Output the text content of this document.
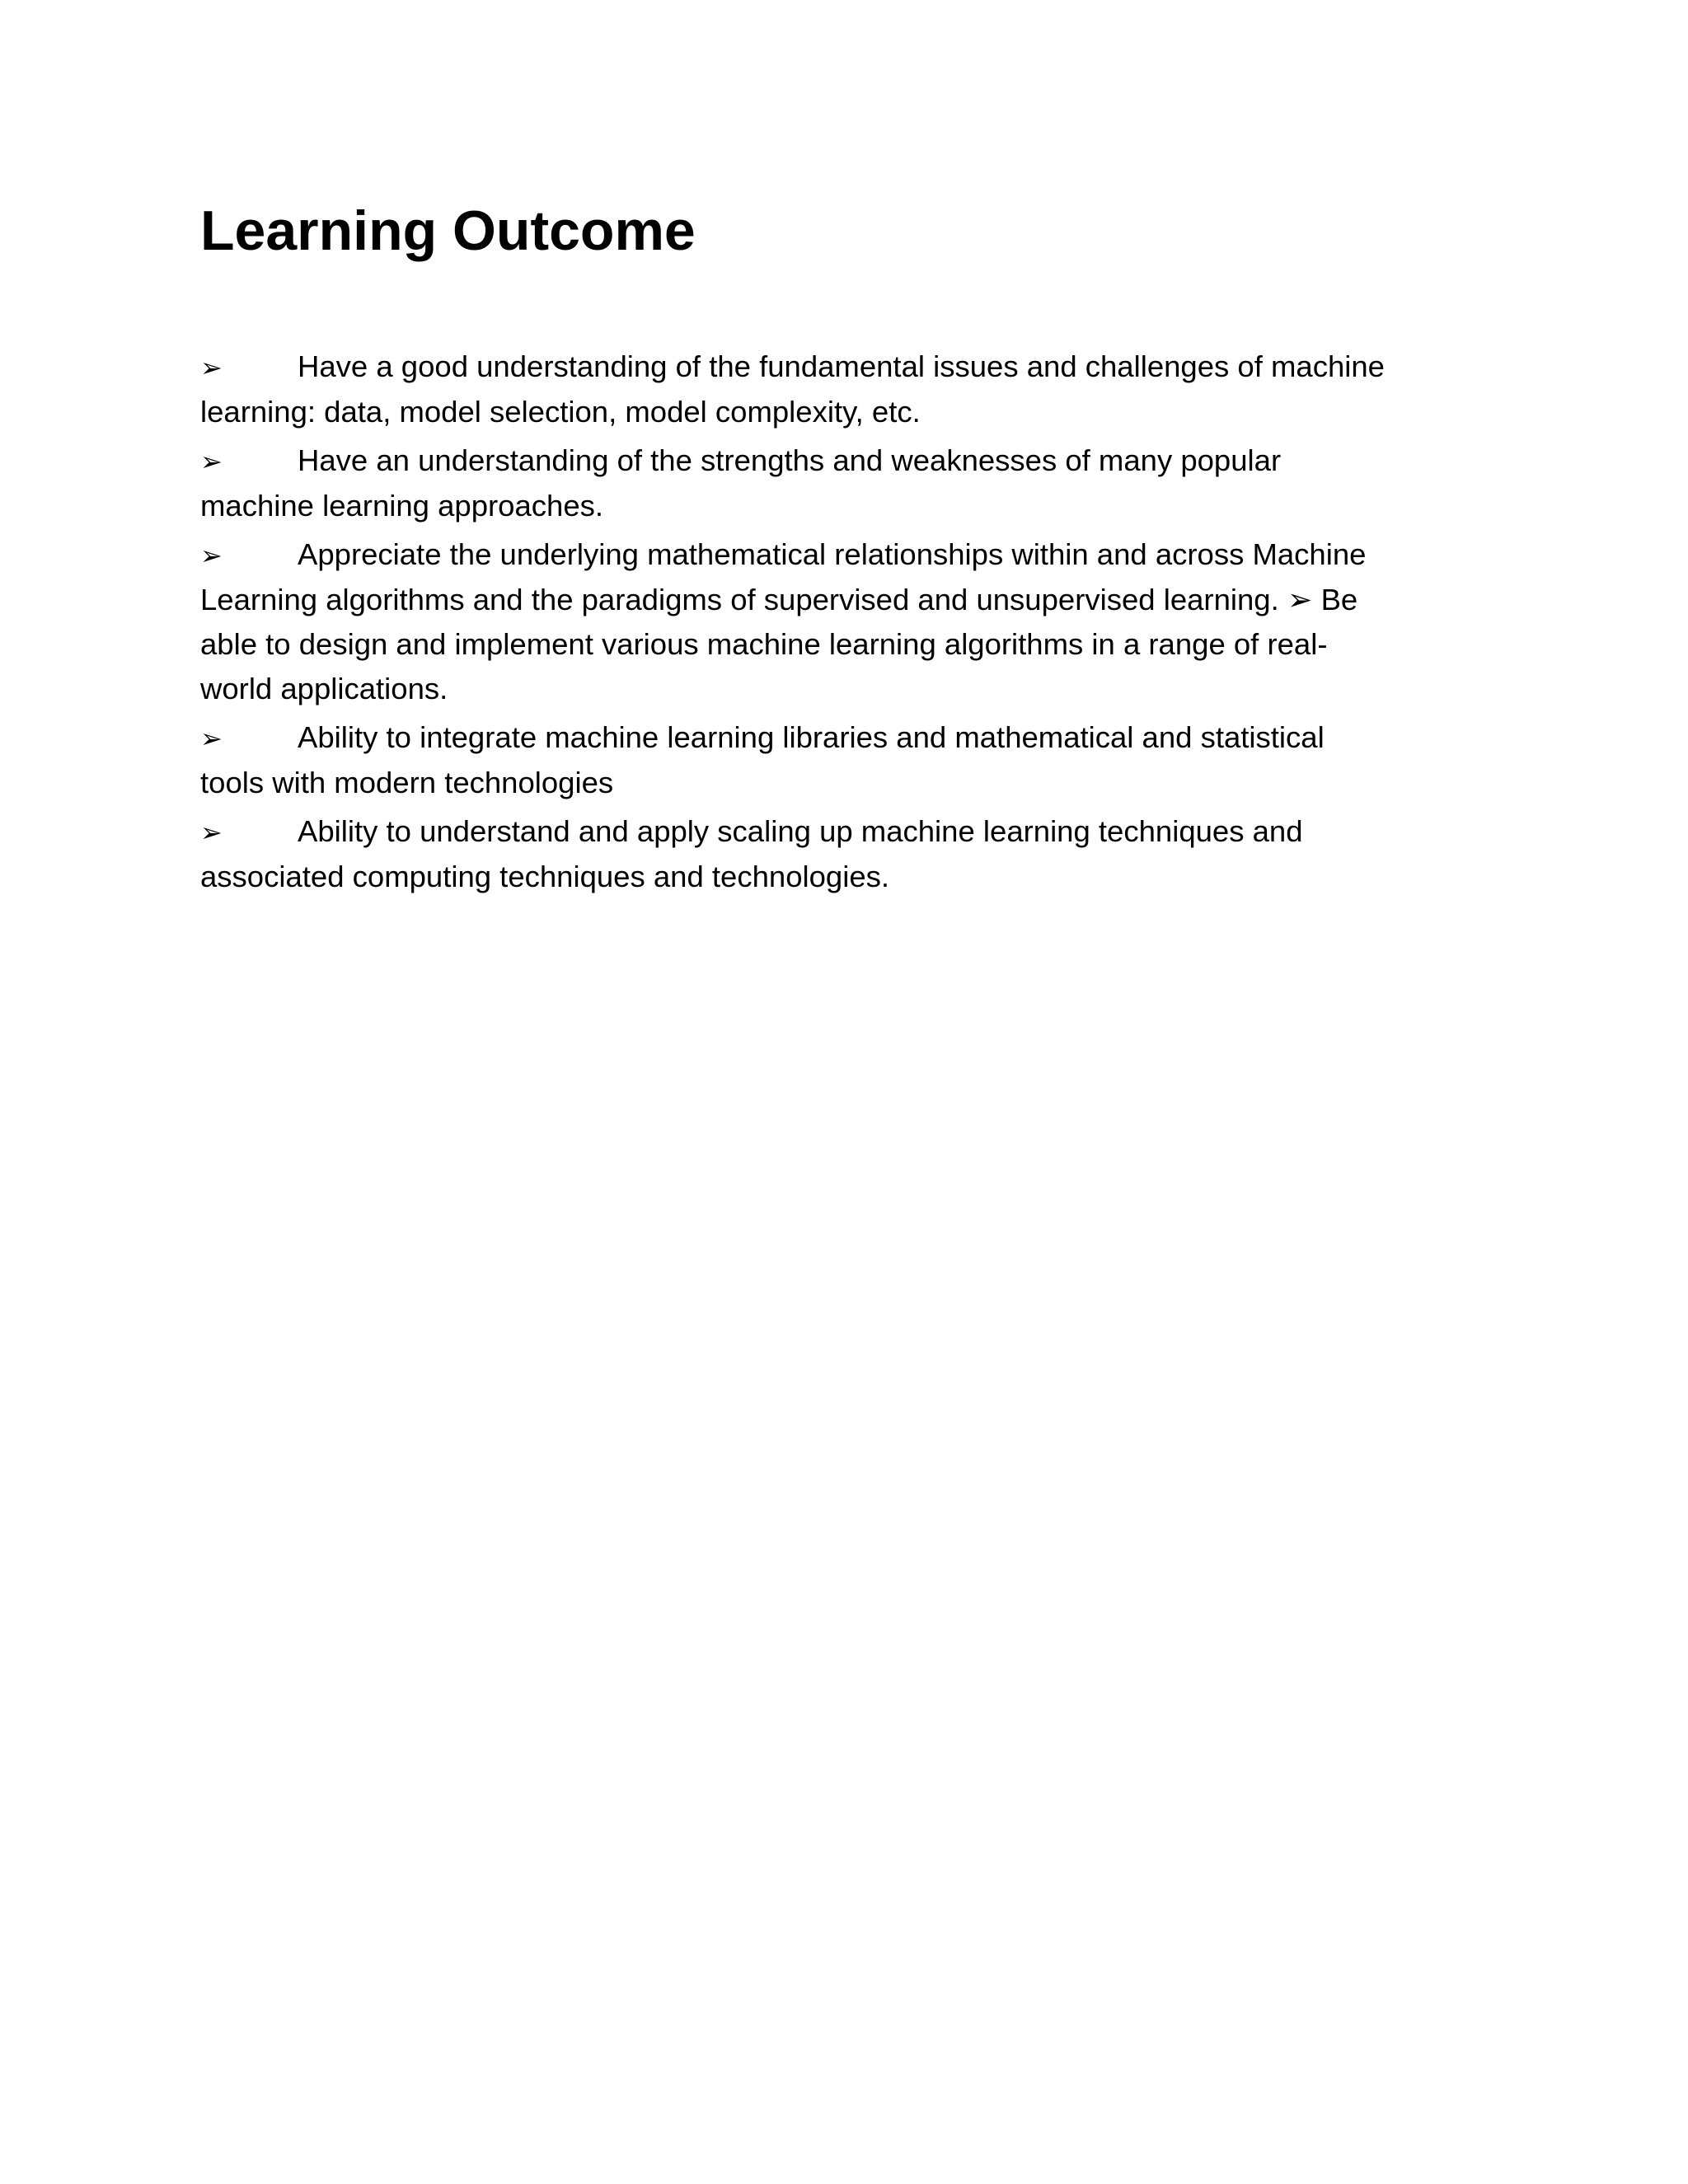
Learning Outcome

➢ Have a good understanding of the fundamental issues and challenges of machine learning: data, model selection, model complexity, etc.

➢ Have an understanding of the strengths and weaknesses of many popular machine learning approaches.

➢ Appreciate the underlying mathematical relationships within and across Machine Learning algorithms and the paradigms of supervised and unsupervised learning. ➢ Be able to design and implement various machine learning algorithms in a range of real-world applications.

➢ Ability to integrate machine learning libraries and mathematical and statistical tools with modern technologies

➢ Ability to understand and apply scaling up machine learning techniques and associated computing techniques and technologies.
